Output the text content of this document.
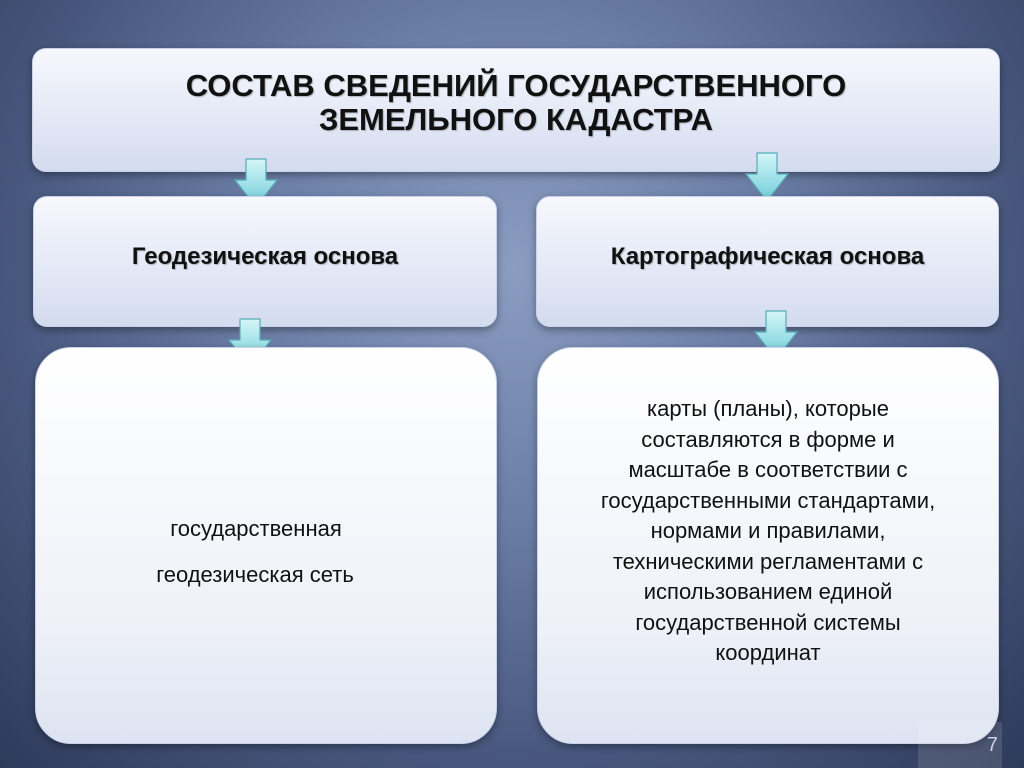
СОСТАВ СВЕДЕНИЙ ГОСУДАРСТВЕННОГО
ЗЕМЕЛЬНОГО КАДАСТРА
Геодезическая основа	Картографическая основа
государственная
геодезическая сеть
карты (планы), которые составляются в форме и масштабе в соответствии с государственными стандартами, нормами и правилами, техническими регламентами с использованием единой государственной системы координат
7
